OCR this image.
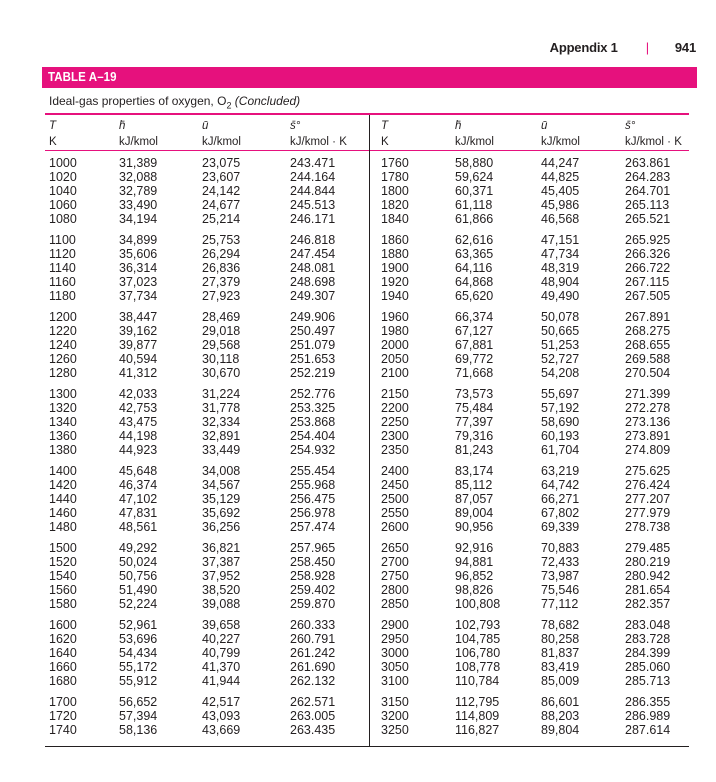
Appendix 1 | 941
TABLE A–19
Ideal-gas properties of oxygen, $O_2$ (Concluded)
T
K
h̄
kJ/kmol
ū
kJ/kmol
s̄°
kJ/kmol · K
1000
1020
1040
1060
1080
1100
1120
1140
1160
1180
1200
1220
1240
1260
1280
1300
1320
1340
1360
1380
1400
1420
1440
1460
1480
1500
1520
1540
1560
1580
1600
1620
1640
1660
1680
1700
1720
1740
31,389
32,088
32,789
33,490
34,194
34,899
35,606
36,314
37,023
37,734
38,447
39,162
39,877
40,594
41,312
42,033
42,753
43,475
44,198
44,923
45,648
46,374
47,102
47,831
48,561
49,292
50,024
50,756
51,490
52,224
52,961
53,696
54,434
55,172
55,912
56,652
57,394
58,136
23,075
23,607
24,142
24,677
25,214
25,753
26,294
26,836
27,379
27,923
28,469
29,018
29,568
30,118
30,670
31,224
31,778
32,334
32,891
33,449
34,008
34,567
35,129
35,692
36,256
36,821
37,387
37,952
38,520
39,088
39,658
40,227
40,799
41,370
41,944
42,517
43,093
43,669
243.471
244.164
244.844
245.513
246.171
246.818
247.454
248.081
248.698
249.307
249.906
250.497
251.079
251.653
252.219
252.776
253.325
253.868
254.404
254.932
255.454
255.968
256.475
256.978
257.474
257.965
258.450
258.928
259.402
259.870
260.333
260.791
261.242
261.690
262.132
262.571
263.005
263.435
T
K
h̄
kJ/kmol
ū
kJ/kmol
s̄°
kJ/kmol · K
1760
1780
1800
1820
1840
1860
1880
1900
1920
1940
1960
1980
2000
2050
2100
2150
2200
2250
2300
2350
2400
2450
2500
2550
2600
2650
2700
2750
2800
2850
2900
2950
3000
3050
3100
3150
3200
3250
58,880
59,624
60,371
61,118
61,866
62,616
63,365
64,116
64,868
65,620
66,374
67,127
67,881
69,772
71,668
73,573
75,484
77,397
79,316
81,243
83,174
85,112
87,057
89,004
90,956
92,916
94,881
96,852
98,826
100,808
102,793
104,785
106,780
108,778
110,784
112,795
114,809
116,827
44,247
44,825
45,405
45,986
46,568
47,151
47,734
48,319
48,904
49,490
50,078
50,665
51,253
52,727
54,208
55,697
57,192
58,690
60,193
61,704
63,219
64,742
66,271
67,802
69,339
70,883
72,433
73,987
75,546
77,112
78,682
80,258
81,837
83,419
85,009
86,601
88,203
89,804
263.861
264.283
264.701
265.113
265.521
265.925
266.326
266.722
267.115
267.505
267.891
268.275
268.655
269.588
270.504
271.399
272.278
273.136
273.891
274.809
275.625
276.424
277.207
277.979
278.738
279.485
280.219
280.942
281.654
282.357
283.048
283.728
284.399
285.060
285.713
286.355
286.989
287.614
